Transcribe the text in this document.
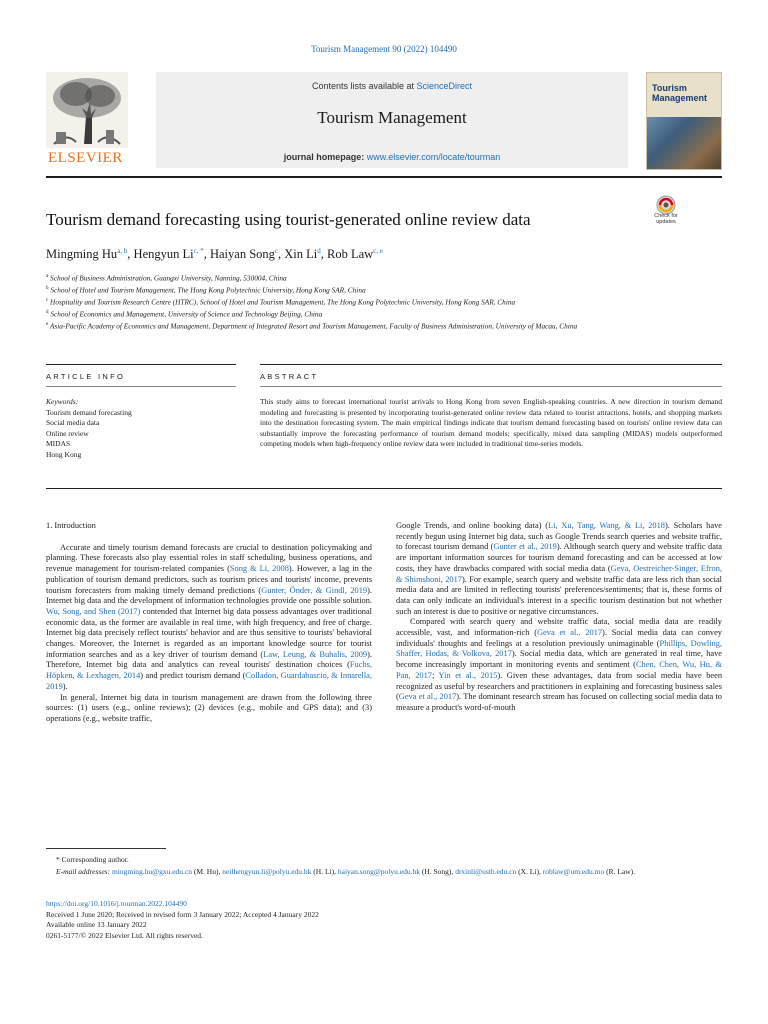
Tourism Management 90 (2022) 104490
ELSEVIER
Contents lists available at ScienceDirect
Tourism Management
journal homepage: www.elsevier.com/locate/tourman
Tourism Management
Tourism demand forecasting using tourist-generated online review data	Check for updates
Mingming Hu$^{a, b}$, Hengyun $Li^{c, *}$, Haiyan Song$^c$, Xin Li$^d$, Rob Law$^{c, e}$
$^a$ School of Business Administration, Guangxi University, Nanning, 530004, China
$^b$ School of Hotel and Tourism Management, The Hong Kong Polytechnic University, Hong Kong SAR, China
$^c$ Hospitality and Tourism Research Centre (HTRC), School of Hotel and Tourism Management, The Hong Kong Polytechnic University, Hong Kong SAR, China
$^d$ School of Economics and Management, University of Science and Technology Beijing, China
$^e$ Asia-Pacific Academy of Economics and Management, Department of Integrated Resort and Tourism Management, Faculty of Business Administration, University of Macau, China
ARTICLE INFO	ABSTRACT
Keywords:
Tourism demand forecasting
Social media data
Online review
MIDAS
Hong Kong
This study aims to forecast international tourist arrivals to Hong Kong from seven English-speaking countries. A new direction in tourism demand modeling and forecasting is presented by incorporating tourist-generated online review data related to tourist attractions, hotels, and shopping markets into the destination forecasting system. The main empirical findings indicate that tourism demand forecasting based on tourists' online review data can substantially improve the forecasting performance of tourism demand models; specifically, mixed data sampling (MIDAS) models outperformed competing models when high-frequency online review data were included in traditional time-series models.
1. Introduction

Accurate and timely tourism demand forecasts are crucial to destination policymaking and planning. These forecasts also play essential roles in staff scheduling, business operations, and revenue management for tourism-related companies (Song & Li, 2008). However, a lag in the publication of tourism demand predictors, such as tourism prices and tourists' income, prevents tourism forecasters from making timely demand predictions (Gunter, Önder, & Gindl, 2019). Internet big data and the development of information technologies provide one possible solution. Wu, Song, and Shen (2017) contended that Internet big data possess advantages over traditional economic data, as the former are available in real time, with high frequency, and free of charge. Internet big data precisely reflect tourists' behavior and are thus sensitive to tourists' behavioral changes. Moreover, the Internet is regarded as an important knowledge source for tourist information searches and as a key driver of tourism demand (Law, Leung, & Buhalis, 2009). Therefore, Internet big data and analytics can reveal tourists' destination choices (Fuchs, Höpken, & Lexhagen, 2014) and predict tourism demand (Colladon, Guardabascio, & Innarella, 2019).

In general, Internet big data in tourism management are drawn from the following three sources: (1) users (e.g., online reviews); (2) devices (e.g., mobile and GPS data); and (3) operations (e.g., website traffic,

Google Trends, and online booking data) (Li, Xu, Tang, Wang, & Li, 2018). Scholars have recently begun using Internet big data, such as Google Trends search queries and website traffic, to forecast tourism demand (Gunter et al., 2019). Although search query and website traffic data are important information sources for tourism demand forecasting and can be accessed at low costs, they have drawbacks compared with social media data (Geva, Oestreicher-Singer, Efron, & Shimshoni, 2017). For example, search query and website traffic data are less rich than social media data and are limited in reflecting tourists' preferences/sentiments; that is, these forms of data can only indicate an individual's interest in a specific tourism destination but not whether such an interest is due to positive or negative circumstances.

Compared with search query and website traffic data, social media data are readily accessible, vast, and information-rich (Geva et al., 2017). Social media data can convey individuals' thoughts and feelings at a resolution previously unimaginable (Phillips, Dowling, Shaffer, Hodas, & Volkova, 2017). Social media data, which are generated in real time, have become increasingly important in monitoring events and sentiment (Chen, Chen, Wu, Hu, & Pan, 2017; Yin et al., 2015). Given these advantages, data from social media have been recognized as useful by researchers and practitioners in explaining and forecasting business sales (Geva et al., 2017). The dominant research stream has focused on collecting social media data to measure a product's word-of-mouth

* Corresponding author.
E-mail addresses: mingming.hu@gxu.edu.cn (M. Hu), neilhengyun.li@polyu.edu.hk (H. Li), haiyan.song@polyu.edu.hk (H. Song), drxinli@ustb.edu.cn (X. Li), roblaw@um.edu.mo (R. Law).
https://doi.org/10.1016/j.tourman.2022.104490
Received 1 June 2020; Received in revised form 3 January 2022; Accepted 4 January 2022
Available online 13 January 2022
0261-5177/© 2022 Elsevier Ltd. All rights reserved.
